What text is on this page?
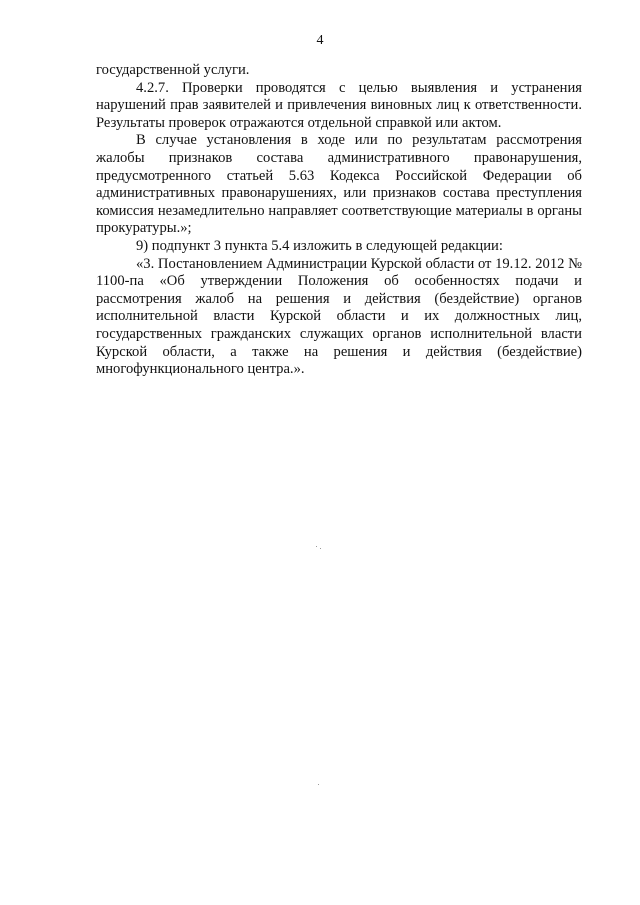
4

государственной услуги.

4.2.7. Проверки проводятся с целью выявления и устранения нарушений прав заявителей и привлечения виновных лиц к ответственности. Результаты проверок отражаются отдельной справкой или актом.

В случае установления в ходе или по результатам рассмотрения жалобы признаков состава административного правонарушения, предусмотренного статьей 5.63 Кодекса Российской Федерации об административных правонарушениях, или признаков состава преступления комиссия незамедлительно направляет соответствующие материалы в органы прокуратуры.»;

9) подпункт 3 пункта 5.4 изложить в следующей редакции:

«3. Постановлением Администрации Курской области от 19.12. 2012 № 1100-па «Об утверждении Положения об особенностях подачи и рассмотрения жалоб на решения и действия (бездействие) органов исполнительной власти Курской области и их должностных лиц, государственных гражданских служащих органов исполнительной власти Курской области, а также на решения и действия (бездействие) многофункционального центра.».
